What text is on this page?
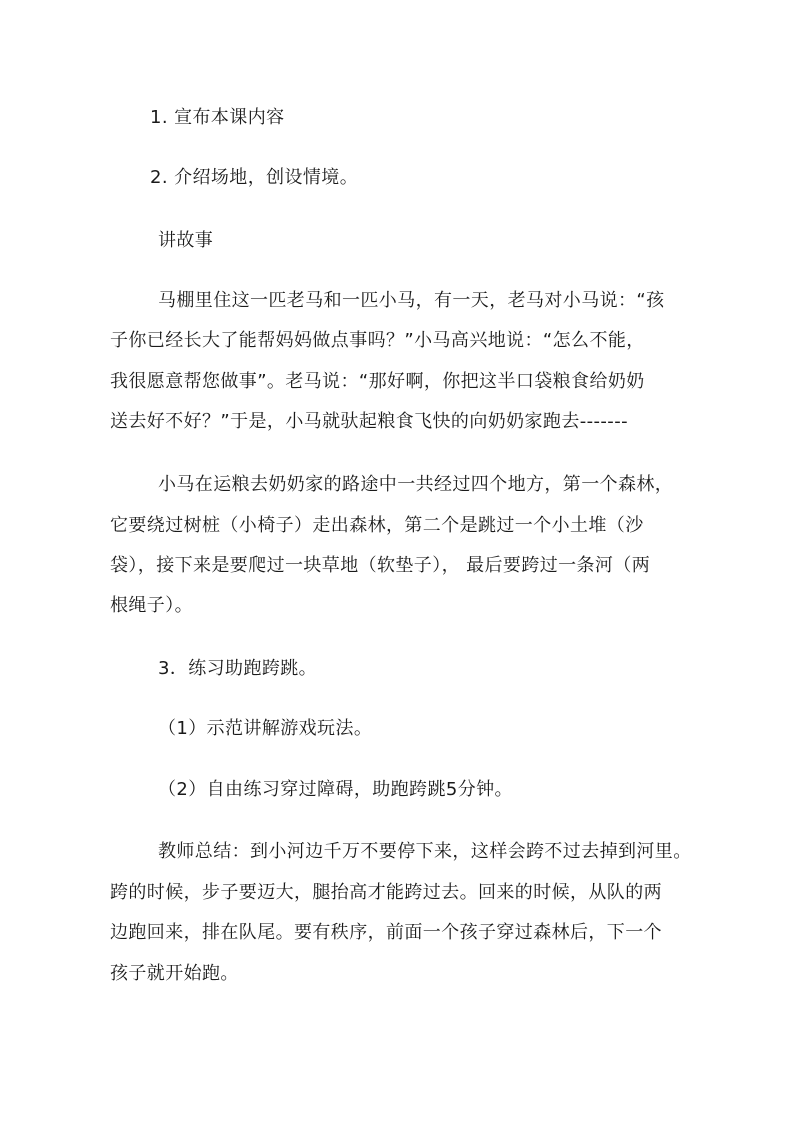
1. 宣布本课内容
2. 介绍场地，创设情境。
讲故事
马棚里住这一匹老马和一匹小马，有一天，老马对小马说：“孩
子你已经长大了能帮妈妈做点事吗？”小马高兴地说：“怎么不能，
我很愿意帮您做事”。老马说：“那好啊，你把这半口袋粮食给奶奶
送去好不好？”于是，小马就驮起粮食飞快的向奶奶家跑去-------
小马在运粮去奶奶家的路途中一共经过四个地方，第一个森林，
它要绕过树桩（小椅子）走出森林，第二个是跳过一个小土堆（沙
袋），接下来是要爬过一块草地（软垫子）， 最后要跨过一条河（两
根绳子）。
3．练习助跑跨跳。
（1）示范讲解游戏玩法。
（2）自由练习穿过障碍，助跑跨跳5分钟。
教师总结：到小河边千万不要停下来，这样会跨不过去掉到河里。
跨的时候，步子要迈大，腿抬高才能跨过去。回来的时候，从队的两
边跑回来，排在队尾。要有秩序，前面一个孩子穿过森林后，下一个
孩子就开始跑。
